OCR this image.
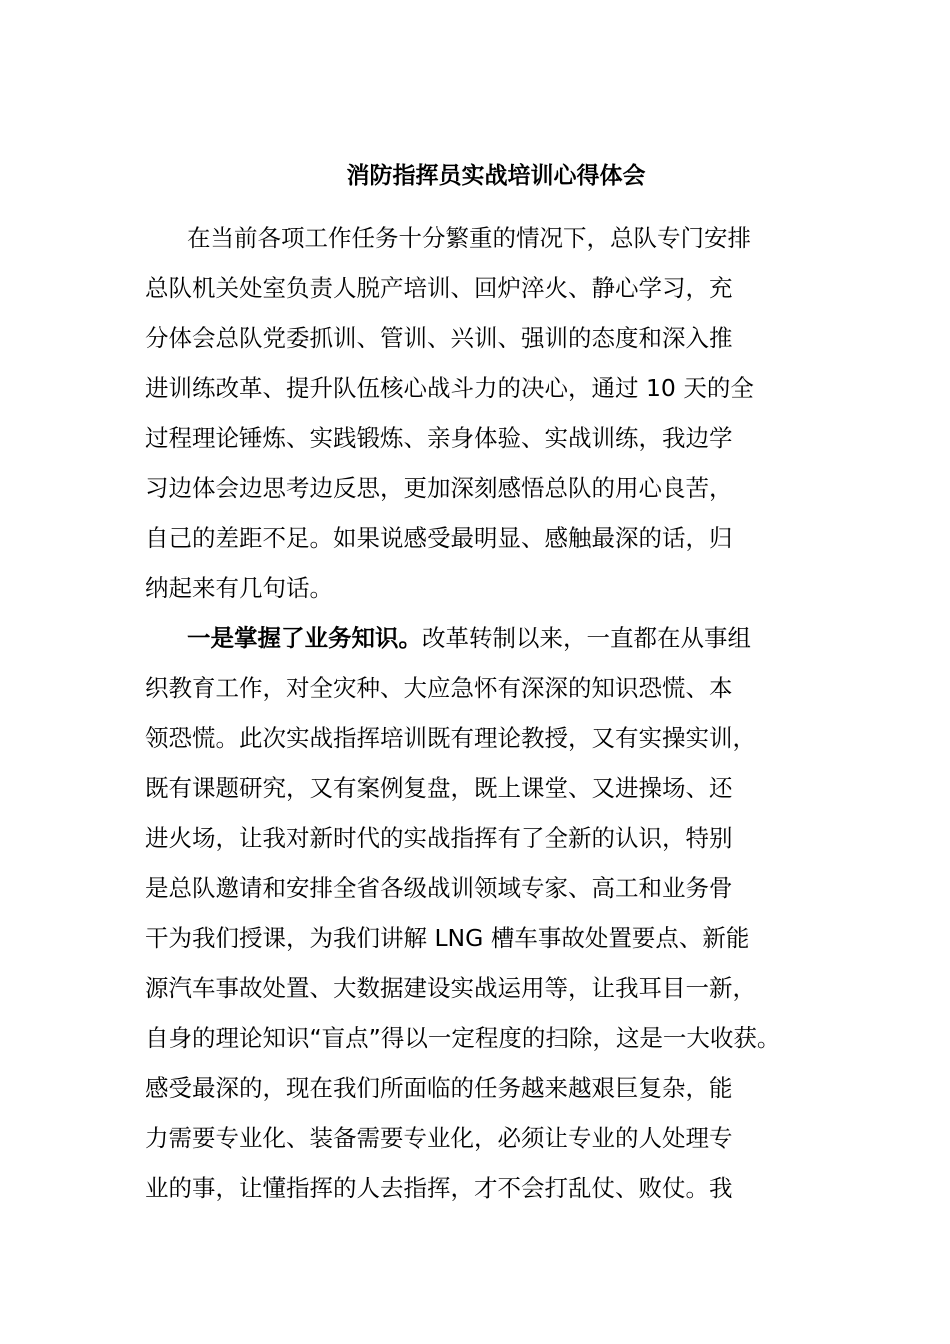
消防指挥员实战培训心得体会
在当前各项工作任务十分繁重的情况下，总队专门安排
总队机关处室负责人脱产培训、回炉淬火、静心学习，充
分体会总队党委抓训、管训、兴训、强训的态度和深入推
进训练改革、提升队伍核心战斗力的决心，通过 10 天的全
过程理论锤炼、实践锻炼、亲身体验、实战训练，我边学
习边体会边思考边反思，更加深刻感悟总队的用心良苦，
自己的差距不足。如果说感受最明显、感触最深的话，归
纳起来有几句话。
一是掌握了业务知识。改革转制以来，一直都在从事组
织教育工作，对全灾种、大应急怀有深深的知识恐慌、本
领恐慌。此次实战指挥培训既有理论教授，又有实操实训，
既有课题研究，又有案例复盘，既上课堂、又进操场、还
进火场，让我对新时代的实战指挥有了全新的认识，特别
是总队邀请和安排全省各级战训领域专家、高工和业务骨
干为我们授课，为我们讲解 LNG 槽车事故处置要点、新能
源汽车事故处置、大数据建设实战运用等，让我耳目一新，
自身的理论知识“盲点”得以一定程度的扫除，这是一大收获。
感受最深的，现在我们所面临的任务越来越艰巨复杂，能
力需要专业化、装备需要专业化，必须让专业的人处理专
业的事，让懂指挥的人去指挥，才不会打乱仗、败仗。我
